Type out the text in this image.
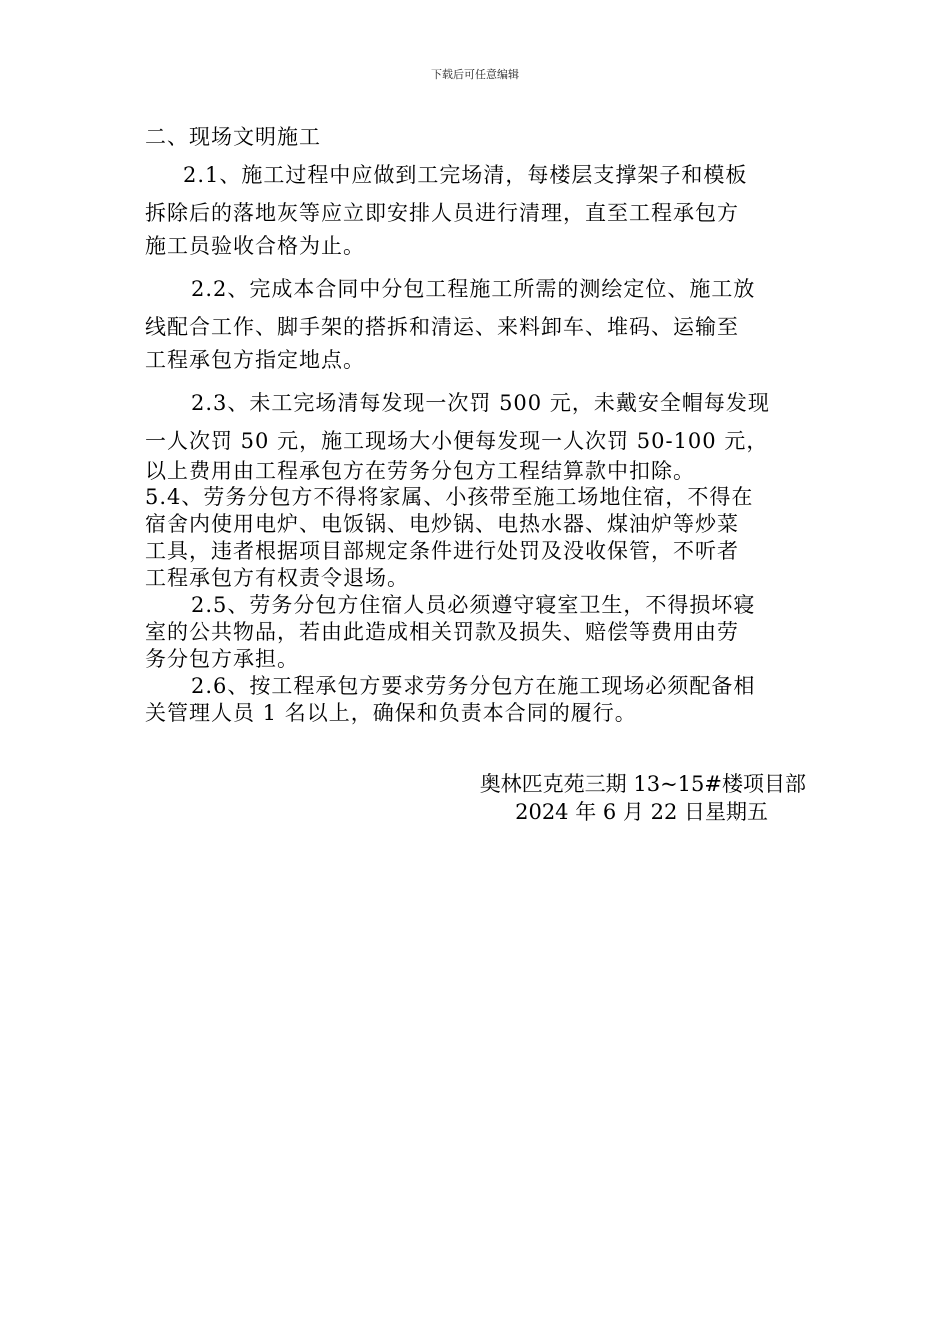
下载后可任意编辑
二、现场文明施工
2.1、施工过程中应做到工完场清，每楼层支撑架子和模板
拆除后的落地灰等应立即安排人员进行清理，直至工程承包方
施工员验收合格为止。
2.2、完成本合同中分包工程施工所需的测绘定位、施工放
线配合工作、脚手架的搭拆和清运、来料卸车、堆码、运输至
工程承包方指定地点。
2.3、未工完场清每发现一次罚 500 元，未戴安全帽每发现
一人次罚 50 元，施工现场大小便每发现一人次罚 50-100 元，
以上费用由工程承包方在劳务分包方工程结算款中扣除。
5.4、劳务分包方不得将家属、小孩带至施工场地住宿，不得在
宿舍内使用电炉、电饭锅、电炒锅、电热水器、煤油炉等炒菜
工具，违者根据项目部规定条件进行处罚及没收保管，不听者
工程承包方有权责令退场。
2.5、劳务分包方住宿人员必须遵守寝室卫生，不得损坏寝
室的公共物品，若由此造成相关罚款及损失、赔偿等费用由劳
务分包方承担。
2.6、按工程承包方要求劳务分包方在施工现场必须配备相
关管理人员 1 名以上，确保和负责本合同的履行。
奥林匹克苑三期 13~15#楼项目部
2024 年 6 月 22 日星期五
